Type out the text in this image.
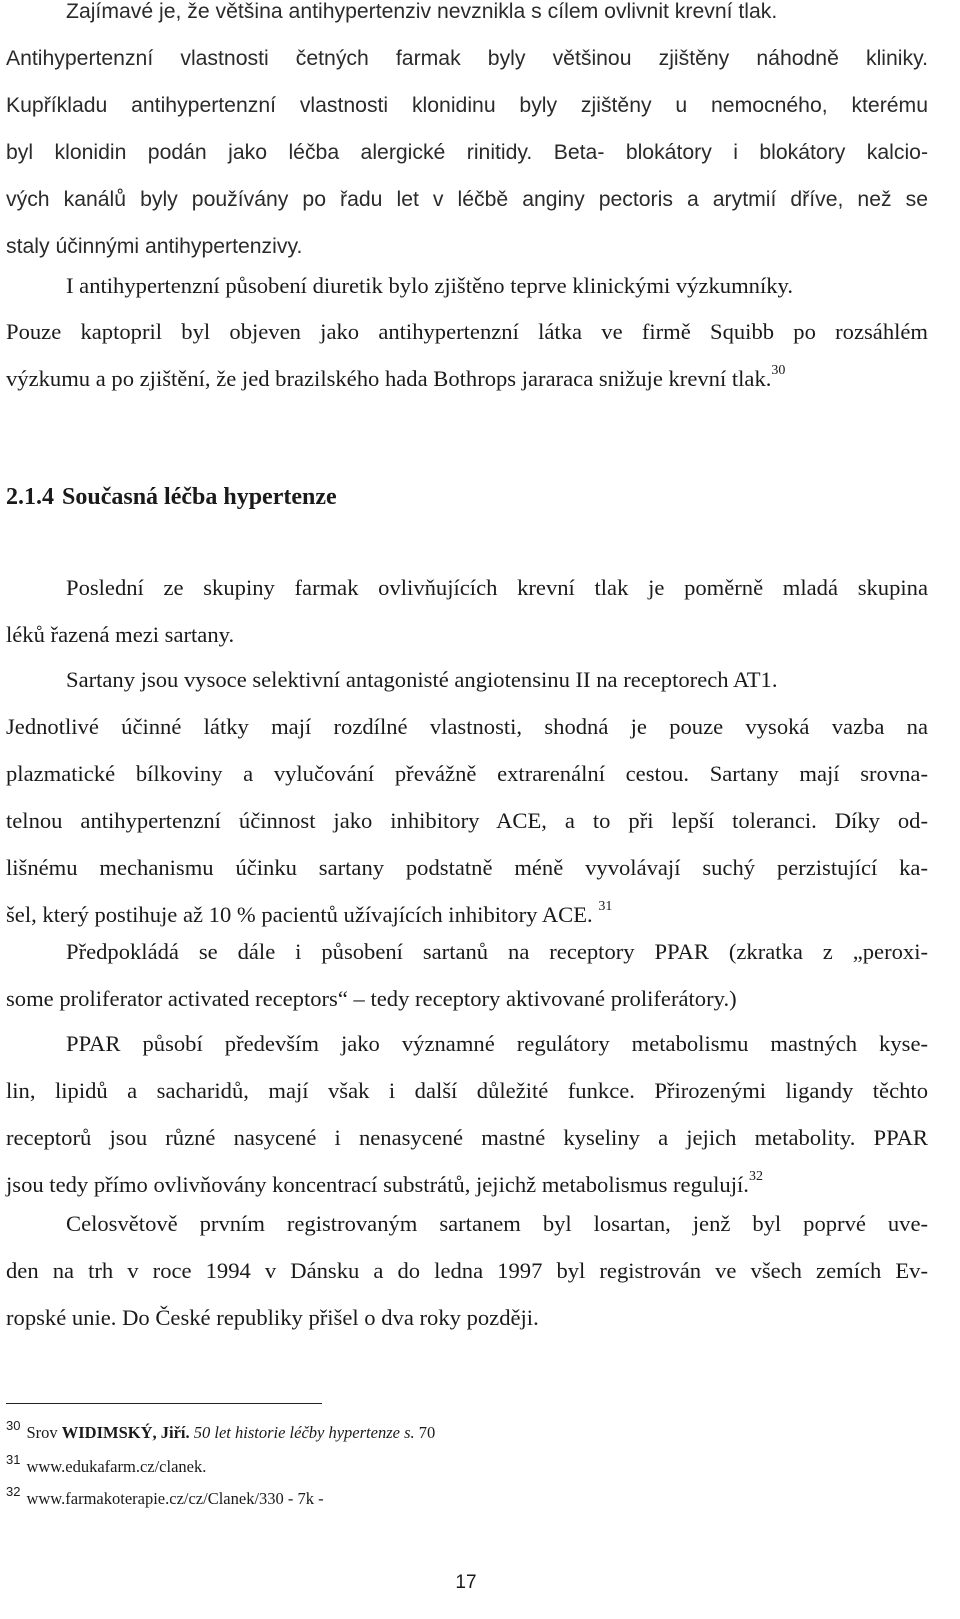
Zajímavé je, že většina antihypertenziv nevznikla s cílem ovlivnit krevní tlak.
Antihypertenzní vlastnosti četných farmak byly většinou zjištěny náhodně kliniky.
Kupříkladu antihypertenzní vlastnosti klonidinu byly zjištěny u nemocného, kterému
byl klonidin podán jako léčba alergické rinitidy. Beta- blokátory i blokátory kalcio-
vých kanálů byly používány po řadu let v léčbě anginy pectoris a arytmií dříve, než se
staly účinnými antihypertenzivy.
I antihypertenzní působení diuretik bylo zjištěno teprve klinickými výzkumníky.
Pouze kaptopril byl objeven jako antihypertenzní látka ve firmě Squibb po rozsáhlém
výzkumu a po zjištění, že jed brazilského hada Bothrops jararaca snižuje krevní tlak.$^{30}$
2.1.4 Současná léčba hypertenze
Poslední ze skupiny farmak ovlivňujících krevní tlak je poměrně mladá skupina
léků řazená mezi sartany.
Sartany jsou vysoce selektivní antagonisté angiotensinu II na receptorech AT1.
Jednotlivé účinné látky mají rozdílné vlastnosti, shodná je pouze vysoká vazba na
plazmatické bílkoviny a vylučování převážně extrarenální cestou. Sartany mají srovna-
telnou antihypertenzní účinnost jako inhibitory ACE, a to při lepší toleranci. Díky od-
lišnému mechanismu účinku sartany podstatně méně vyvolávají suchý perzistující ka-
šel, který postihuje až 10 % pacientů užívajících inhibitory ACE. $^{31}$
Předpokládá se dále i působení sartanů na receptory PPAR (zkratka z „peroxi-
some proliferator activated receptors“ – tedy receptory aktivované proliferátory.)
PPAR působí především jako významné regulátory metabolismu mastných kyse-
lin, lipidů a sacharidů, mají však i další důležité funkce. Přirozenými ligandy těchto
receptorů jsou různé nasycené i nenasycené mastné kyseliny a jejich metabolity. PPAR
jsou tedy přímo ovlivňovány koncentrací substrátů, jejichž metabolismus regulují.$^{32}$
Celosvětově prvním registrovaným sartanem byl losartan, jenž byl poprvé uve-
den na trh v roce 1994 v Dánsku a do ledna 1997 byl registrován ve všech zemích Ev-
ropské unie. Do České republiky přišel o dva roky později.

$^{30}$ Srov WIDIMSKÝ, Jiří. 50 let historie léčby hypertenze s. 70

$^{31}$ www.edukafarm.cz/clanek.

$^{32}$ www.farmakoterapie.cz/cz/Clanek/330 - 7k -

17
